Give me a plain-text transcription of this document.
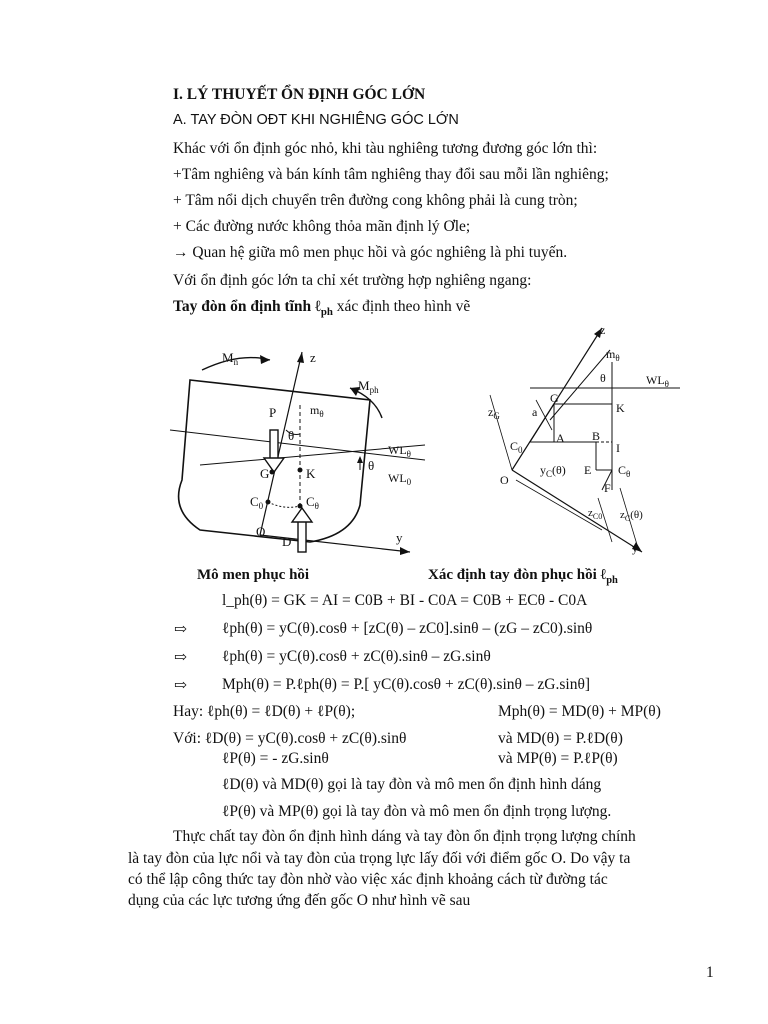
I. LÝ THUYẾT ỔN ĐỊNH GÓC LỚN
A. TAY ĐÒN OĐT KHI NGHIÊNG GÓC LỚN
Khác với ổn định góc nhỏ, khi tàu nghiêng tương đương góc lớn thì:
+Tâm nghiêng và bán kính tâm nghiêng thay đổi sau mỗi lần nghiêng;
+ Tâm nổi dịch chuyển trên đường cong không phải là cung tròn;
+ Các đường nước không thỏa mãn định lý Ơle;
→ Quan hệ giữa mô men phục hồi và góc nghiêng là phi tuyến.
Với ổn định góc lớn ta chỉ xét trường hợp nghiêng ngang:
Tay đòn ổn định tĩnh ℓ$_{ph}$ xác định theo hình vẽ
$M_n$	z
$M_{ph}$
P	$m_\theta$
θ
θ
$WL_\theta$
$WL_0$
G	K
$C_0$	$C_\theta$
O
D	y
z
$m_\theta$
θ	$WL_\theta$
G
K
$z_G$	a
$C_0$
A B
I
E $C_\theta$
F
O
$y_C(\theta)$
$z_{C0}$ $z_C(\theta)$
y
Mô men phục hồi	Xác định tay đòn phục hồi ℓ$_{ph}$
l_ph(θ) = GK = AI = C0B + BI - C0A = C0B + ECθ - C0A
⇨ ℓph(θ) = yC(θ).cosθ + [zC(θ) – zC0].sinθ – (zG – zC0).sinθ
⇨ ℓph(θ) = yC(θ).cosθ + zC(θ).sinθ – zG.sinθ
⇨ Mph(θ) = P.ℓph(θ) = P.[ yC(θ).cosθ + zC(θ).sinθ – zG.sinθ]
Hay: ℓph(θ) = ℓD(θ) + ℓP(θ);	Mph(θ) = MD(θ) + MP(θ)
Với: ℓD(θ) = yC(θ).cosθ + zC(θ).sinθ	và MD(θ) = P.ℓD(θ)
ℓP(θ) = - zG.sinθ	và MP(θ) = P.ℓP(θ)
ℓD(θ) và MD(θ) gọi là tay đòn và mô men ổn định hình dáng
ℓP(θ) và MP(θ) gọi là tay đòn và mô men ổn định trọng lượng.
Thực chất tay đòn ổn định hình dáng và tay đòn ổn định trọng lượng chính
là tay đòn của lực nổi và tay đòn của trọng lực lấy đối với điểm gốc O. Do vậy ta
có thể lập công thức tay đòn nhờ vào việc xác định khoảng cách từ đường tác
dụng của các lực tương ứng đến gốc O như hình vẽ sau
1
